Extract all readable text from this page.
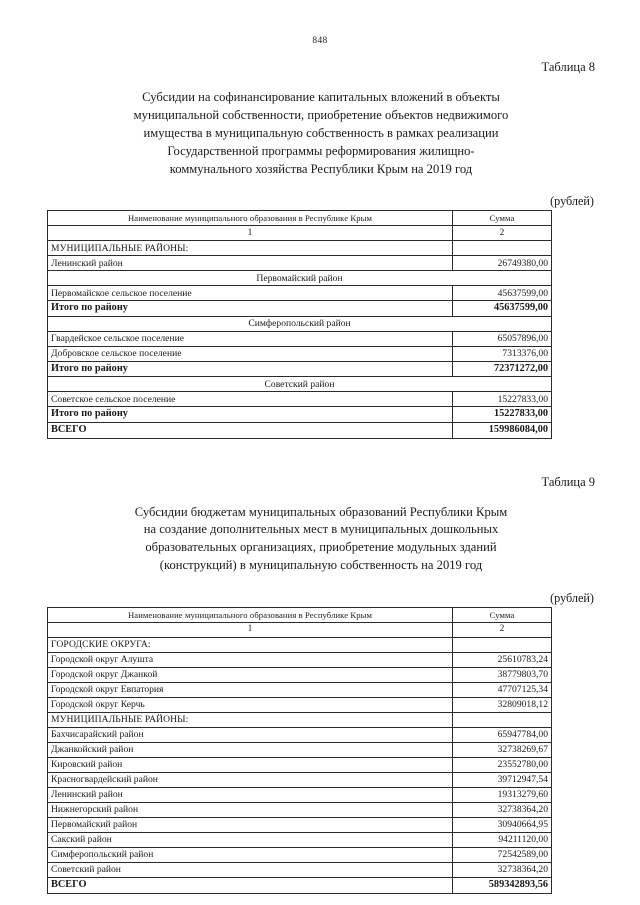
848
Таблица 8
Субсидии на софинансирование капитальных вложений в объекты
муниципальной собственности, приобретение объектов недвижимого
имущества в муниципальную собственность в рамках реализации
Государственной программы реформирования жилищно-
коммунального хозяйства Республики Крым на 2019 год
(рублей)
Наименование муниципального образования в Республике Крым	Сумма
1	2
МУНИЦИПАЛЬНЫЕ РАЙОНЫ:	
Ленинский район	26749380,00
Первомайский район	
Первомайское сельское поселение	45637599,00
Итого по району	45637599,00
Симферопольский район	
Гвардейское сельское поселение	65057896,00
Добровское сельское поселение	7313376,00
Итого по району	72371272,00
Советский район	
Советское сельское поселение	15227833,00
Итого по району	15227833,00
ВСЕГО	159986084,00
Таблица 9
Субсидии бюджетам муниципальных образований Республики Крым
на создание дополнительных мест в муниципальных дошкольных
образовательных организациях, приобретение модульных зданий
(конструкций) в муниципальную собственность на 2019 год
(рублей)
Наименование муниципального образования в Республике Крым	Сумма
1	2
ГОРОДСКИЕ ОКРУГА:	
Городской округ Алушта	25610783,24
Городской округ Джанкой	38779803,70
Городской округ Евпатория	47707125,34
Городской округ Керчь	32809018,12
МУНИЦИПАЛЬНЫЕ РАЙОНЫ:	
Бахчисарайский район	65947784,00
Джанкойский район	32738269,67
Кировский район	23552780,00
Красногвардейский район	39712947,54
Ленинский район	19313279,60
Нижнегорский район	32738364,20
Первомайский район	30940664,95
Сакский район	94211120,00
Симферопольский район	72542589,00
Советский район	32738364,20
ВСЕГО	589342893,56
